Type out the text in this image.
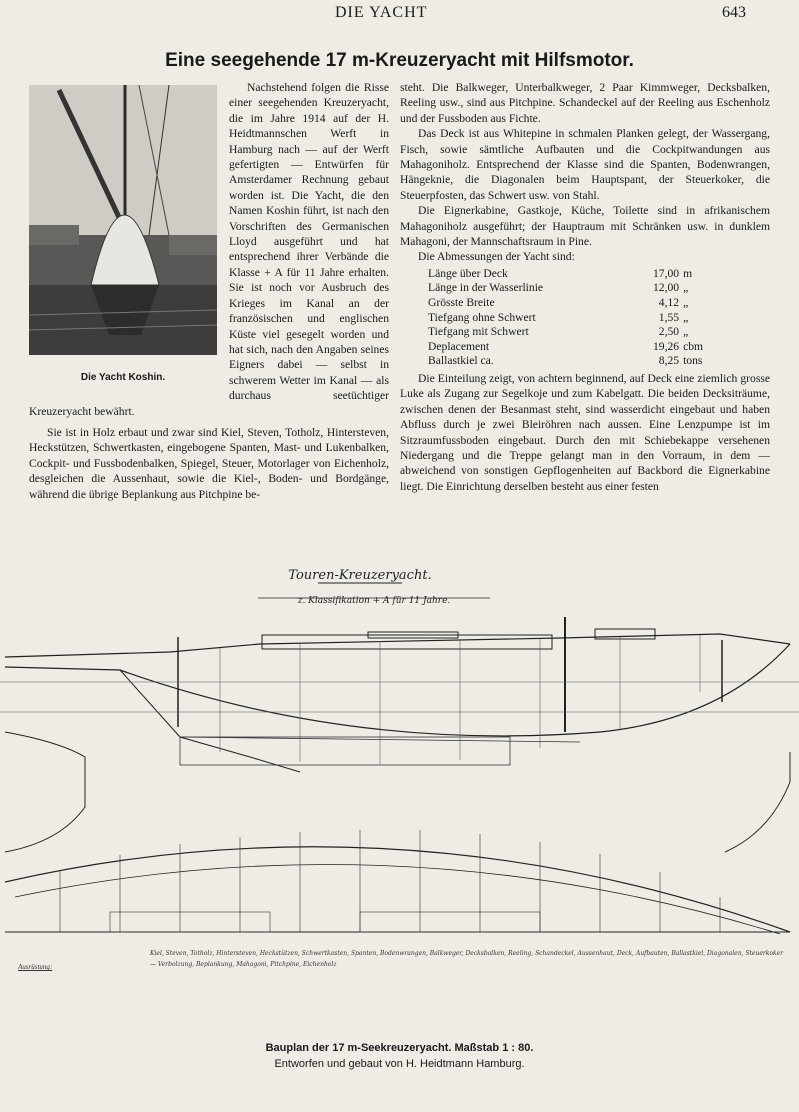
DIE YACHT	643
Eine seegehende 17 m-Kreuzeryacht mit Hilfsmotor.
Die Yacht Koshin.

Nachstehend folgen die Risse einer seegehenden Kreuzeryacht, die im Jahre 1914 auf der H. Heidtmannschen Werft in Hamburg nach — auf der Werft gefertigten — Entwürfen für Amsterdamer Rechnung gebaut worden ist. Die Yacht, die den Namen Koshin führt, ist nach den Vorschriften des Germanischen Lloyd ausgeführt und hat entsprechend ihrer Verbände die Klasse + A für 11 Jahre erhalten. Sie ist noch vor Ausbruch des Krieges im Kanal an der französischen und englischen Küste viel gesegelt worden und hat sich, nach den Angaben seines Eigners dabei — selbst in schwerem Wetter im Kanal — als durchaus seetüchtiger Kreuzeryacht bewährt.

Sie ist in Holz erbaut und zwar sind Kiel, Steven, Totholz, Hintersteven, Heckstützen, Schwertkasten, eingebogene Spanten, Mast- und Lukenbalken, Cockpit- und Fussbodenbalken, Spiegel, Steuer, Motorlager von Eichenholz, desgleichen die Aussenhaut, sowie die Kiel-, Boden- und Bordgänge, während die übrige Beplankung aus Pitchpine be-

steht. Die Balkweger, Unterbalkweger, 2 Paar Kimmweger, Decksbalken, Reeling usw., sind aus Pitchpine. Schandeckel auf der Reeling aus Eschenholz und der Fussboden aus Fichte.

Das Deck ist aus Whitepine in schmalen Planken gelegt, der Wassergang, Fisch, sowie sämtliche Aufbauten und die Cockpitwandungen aus Mahagoniholz. Entsprechend der Klasse sind die Spanten, Bodenwrangen, Hängeknie, die Diagonalen beim Hauptspant, der Steuerkoker, die Steuerpfosten, das Schwert usw. von Stahl.

Die Eignerkabine, Gastkoje, Küche, Toilette sind in afrikanischem Mahagoniholz ausgeführt; der Hauptraum mit Schränken usw. in dunklem Mahagoni, der Mannschaftsraum in Pine.

Die Abmessungen der Yacht sind:

Länge über Deck	17,00	m
Länge in der Wasserlinie	12,00	„
Grösste Breite	4,12	„
Tiefgang ohne Schwert	1,55	„
Tiefgang mit Schwert	2,50	„
Deplacement	19,26	cbm
Ballastkiel ca.	8,25	tons

Die Einteilung zeigt, von achtern beginnend, auf Deck eine ziemlich grosse Luke als Zugang zur Segelkoje und zum Kabelgatt. Die beiden Decksiträume, zwischen denen der Besanmast steht, sind wasserdicht eingebaut und haben Abfluss durch je zwei Bleiröhren nach aussen. Eine Lenzpumpe ist im Sitzraumfussboden eingebaut. Durch den mit Schiebekappe versehenen Niedergang und die Treppe gelangt man in den Vorraum, in dem — abweichend von sonstigen Gepflogenheiten auf Backbord die Eignerkabine liegt. Die Einrichtung derselben besteht aus einer festen

Touren-Kreuzeryacht.
z. Klassifikation + A für 11 Jahre.
Ausrüstung:
Kiel, Steven, Totholz, Hintersteven, Heckstützen, Schwertkasten, Spanten, Bodenwrangen, Balkweger, Decksbalken, Reeling, Schandeckel, Aussenhaut, Deck, Aufbauten, Ballastkiel, Diagonalen, Steuerkoker — Verbolzung, Beplankung, Mahagoni, Pitchpine, Eichenholz
Bauplan der 17 m-Seekreuzeryacht. Maßstab 1 : 80.
Entworfen und gebaut von H. Heidtmann Hamburg.
